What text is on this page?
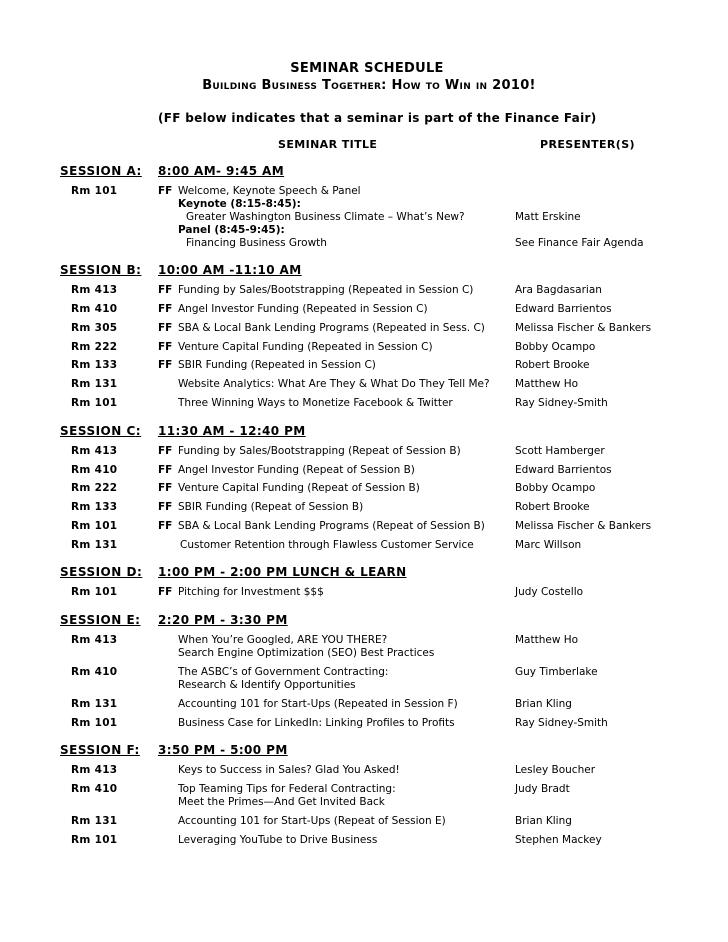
SEMINAR SCHEDULE
Building Business Together: How to Win in 2010!
(FF below indicates that a seminar is part of the Finance Fair)
SEMINAR TITLE	PRESENTER(S)
SESSION A: 8:00 AM- 9:45 AM
Rm 101	FF Welcome, Keynote Speech & Panel
Keynote (8:15-8:45):
Greater Washington Business Climate – What’s New?	Matt Erskine
Panel (8:45-9:45):
Financing Business Growth	See Finance Fair Agenda
SESSION B: 10:00 AM -11:10 AM
Rm 413	FF Funding by Sales/Bootstrapping (Repeated in Session C)	Ara Bagdasarian
Rm 410	FF Angel Investor Funding (Repeated in Session C)	Edward Barrientos
Rm 305	FF SBA & Local Bank Lending Programs (Repeated in Sess. C)	Melissa Fischer & Bankers
Rm 222	FF Venture Capital Funding (Repeated in Session C)	Bobby Ocampo
Rm 133	FF SBIR Funding (Repeated in Session C)	Robert Brooke
Rm 131	Website Analytics: What Are They & What Do They Tell Me? Matthew Ho
Rm 101	Three Winning Ways to Monetize Facebook & Twitter	Ray Sidney-Smith
SESSION C: 11:30 AM - 12:40 PM
Rm 413	FF Funding by Sales/Bootstrapping (Repeat of Session B)	Scott Hamberger
Rm 410	FF Angel Investor Funding (Repeat of Session B)	Edward Barrientos
Rm 222	FF Venture Capital Funding (Repeat of Session B)	Bobby Ocampo
Rm 133	FF SBIR Funding (Repeat of Session B)	Robert Brooke
Rm 101	FF SBA & Local Bank Lending Programs (Repeat of Session B)	Melissa Fischer & Bankers
Rm 131	Customer Retention through Flawless Customer Service	Marc Willson
SESSION D: 1:00 PM - 2:00 PM LUNCH & LEARN
Rm 101	FF Pitching for Investment $$$	Judy Costello
SESSION E: 2:20 PM - 3:30 PM
Rm 413	When You’re Googled, ARE YOU THERE?
Search Engine Optimization (SEO) Best Practices
Matthew Ho
Rm 410	The ASBC’s of Government Contracting:
Research & Identify Opportunities
Guy Timberlake
Rm 131	Accounting 101 for Start-Ups (Repeated in Session F)	Brian Kling
Rm 101	Business Case for LinkedIn: Linking Profiles to Profits	Ray Sidney-Smith
SESSION F: 3:50 PM - 5:00 PM
Rm 413	Keys to Success in Sales? Glad You Asked!	Lesley Boucher
Rm 410	Top Teaming Tips for Federal Contracting:
Meet the Primes—And Get Invited Back
Judy Bradt
Rm 131	Accounting 101 for Start-Ups (Repeat of Session E)	Brian Kling
Rm 101	Leveraging YouTube to Drive Business	Stephen Mackey
